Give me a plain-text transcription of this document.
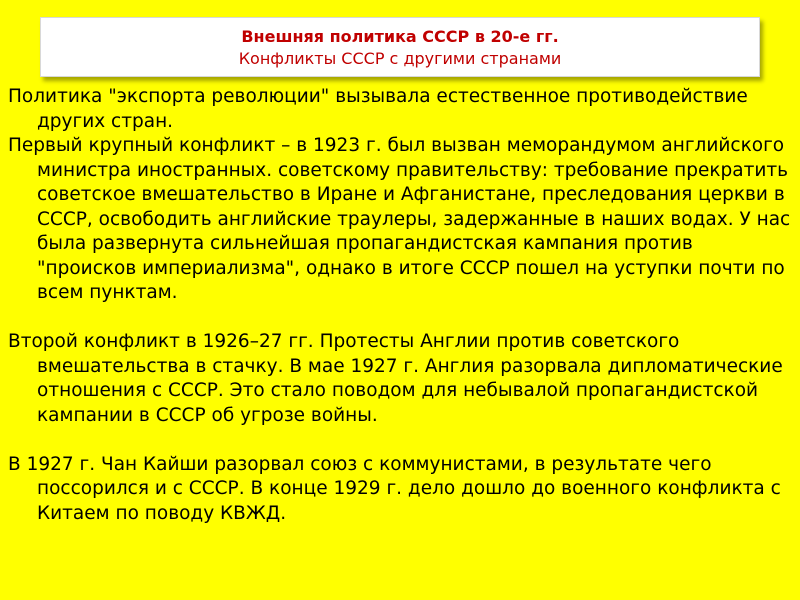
Внешняя политика СССР в 20-е гг.
Конфликты СССР с другими странами
Политика "экспорта революции" вызывала естественное противодействие других стран.
Первый крупный конфликт – в 1923 г. был вызван меморандумом английского министра иностранных. советскому правительству: требование прекратить советское вмешательство в Иране и Афганистане, преследования церкви в СССР, освободить английские траулеры, задержанные в наших водах. У нас была развернута сильнейшая пропагандистская кампания против "происков империализма", однако в итоге СССР пошел на уступки почти по всем пунктам.
Второй конфликт в 1926–27 гг. Протесты Англии против советского вмешательства в стачку. В мае 1927 г. Англия разорвала дипломатические отношения с СССР. Это стало поводом для небывалой пропагандистской кампании в СССР об угрозе войны.
В 1927 г. Чан Кайши разорвал союз с коммунистами, в результате чего поссорился и с СССР. В конце 1929 г. дело дошло до военного конфликта с Китаем по поводу КВЖД.
